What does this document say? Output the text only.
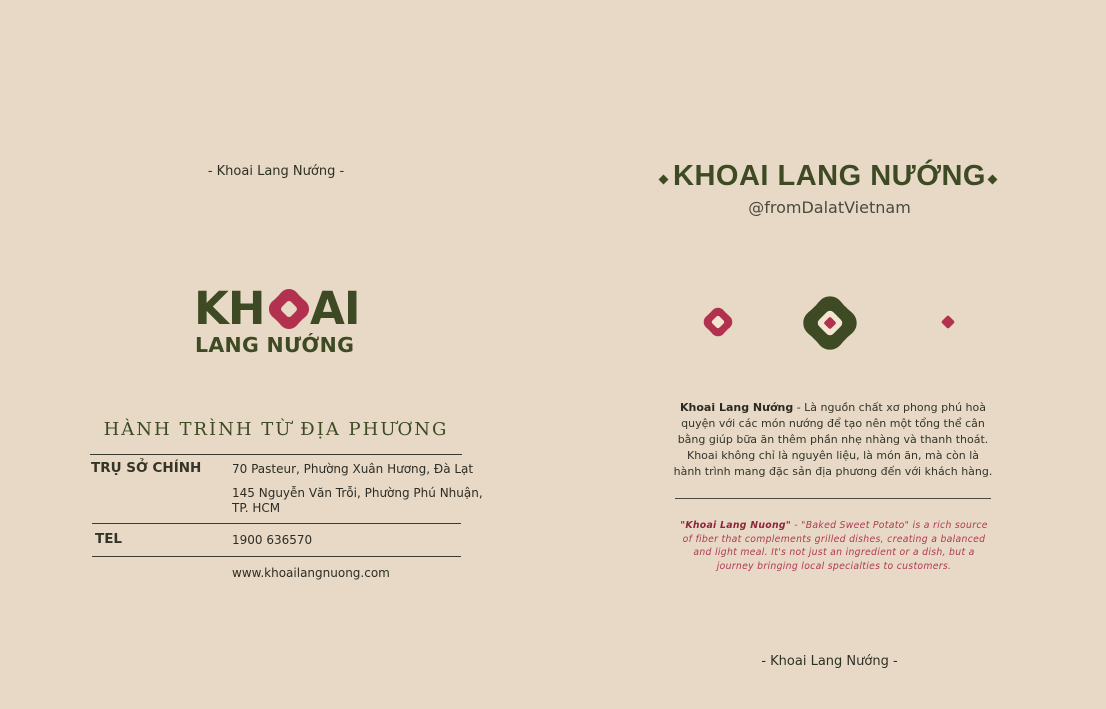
- Khoai Lang Nướng -
KH AI
LANG NƯỚNG
HÀNH TRÌNH TỪ ĐỊA PHƯƠNG
TRỤ SỞ CHÍNH	70 Pasteur, Phường Xuân Hương, Đà Lạt
145 Nguyễn Văn Trỗi, Phường Phú Nhuận,
TP. HCM
TEL	1900 636570
www.khoailangnuong.com
KHOAI LANG NƯỚNG
@fromDalatVietnam
Khoai Lang Nướng - Là nguồn chất xơ phong phú hoà quyện với các món nướng để tạo nên một tổng thể cân bằng giúp bữa ăn thêm phần nhẹ nhàng và thanh thoát. Khoai không chỉ là nguyên liệu, là món ăn, mà còn là hành trình mang đặc sản địa phương đến với khách hàng.
"Khoai Lang Nuong" - "Baked Sweet Potato" is a rich source of fiber that complements grilled dishes, creating a balanced and light meal. It's not just an ingredient or a dish, but a journey bringing local specialties to customers.
- Khoai Lang Nướng -
